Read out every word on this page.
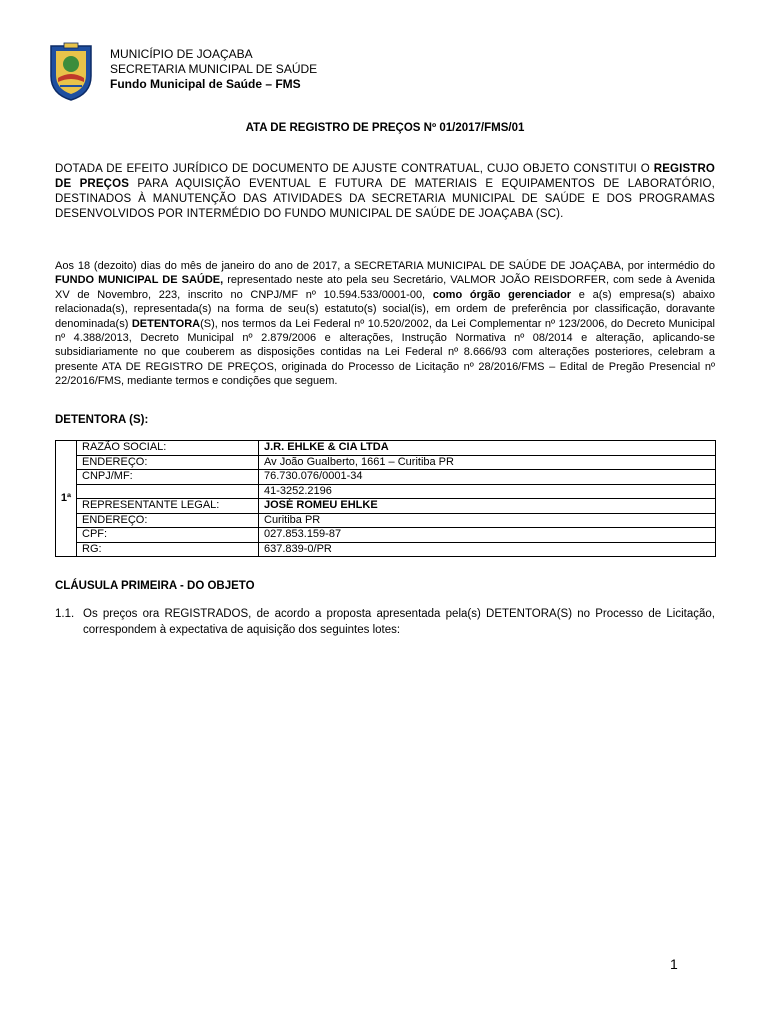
MUNICÍPIO DE JOAÇABA
SECRETARIA MUNICIPAL DE SAÚDE
Fundo Municipal de Saúde – FMS
ATA DE REGISTRO DE PREÇOS Nº 01/2017/FMS/01
DOTADA DE EFEITO JURÍDICO DE DOCUMENTO DE AJUSTE CONTRATUAL, CUJO OBJETO CONSTITUI O REGISTRO DE PREÇOS PARA AQUISIÇÃO EVENTUAL E FUTURA DE MATERIAIS E EQUIPAMENTOS DE LABORATÓRIO, DESTINADOS À MANUTENÇÃO DAS ATIVIDADES DA SECRETARIA MUNICIPAL DE SAÚDE E DOS PROGRAMAS DESENVOLVIDOS POR INTERMÉDIO DO FUNDO MUNICIPAL DE SAÚDE DE JOAÇABA (SC).
Aos 18 (dezoito) dias do mês de janeiro do ano de 2017, a SECRETARIA MUNICIPAL DE SAÚDE DE JOAÇABA, por intermédio do FUNDO MUNICIPAL DE SAÚDE, representado neste ato pela seu Secretário, VALMOR JOÃO REISDORFER, com sede à Avenida XV de Novembro, 223, inscrito no CNPJ/MF nº 10.594.533/0001-00, como órgão gerenciador e a(s) empresa(s) abaixo relacionada(s), representada(s) na forma de seu(s) estatuto(s) social(is), em ordem de preferência por classificação, doravante denominada(s) DETENTORA(S), nos termos da Lei Federal nº 10.520/2002, da Lei Complementar nº 123/2006, do Decreto Municipal nº 4.388/2013, Decreto Municipal nº 2.879/2006 e alterações, Instrução Normativa nº 08/2014 e alteração, aplicando-se subsidiariamente no que couberem as disposições contidas na Lei Federal nº 8.666/93 com alterações posteriores, celebram a presente ATA DE REGISTRO DE PREÇOS, originada do Processo de Licitação nº 28/2016/FMS – Edital de Pregão Presencial nº 22/2016/FMS, mediante termos e condições que seguem.
DETENTORA (S):
1ª	RAZÃO SOCIAL:	J.R. EHLKE & CIA LTDA
	ENDEREÇO:	Av João Gualberto, 1661 – Curitiba PR
	CNPJ/MF:	76.730.076/0001-34
		41-3252.2196
	REPRESENTANTE LEGAL:	JOSÉ ROMEU EHLKE
	ENDEREÇO:	Curitiba PR
	CPF:	027.853.159-87
	RG:	637.839-0/PR
CLÁUSULA PRIMEIRA - DO OBJETO
1.1. Os preços ora REGISTRADOS, de acordo a proposta apresentada pela(s) DETENTORA(S) no Processo de Licitação, correspondem à expectativa de aquisição dos seguintes lotes:
1
